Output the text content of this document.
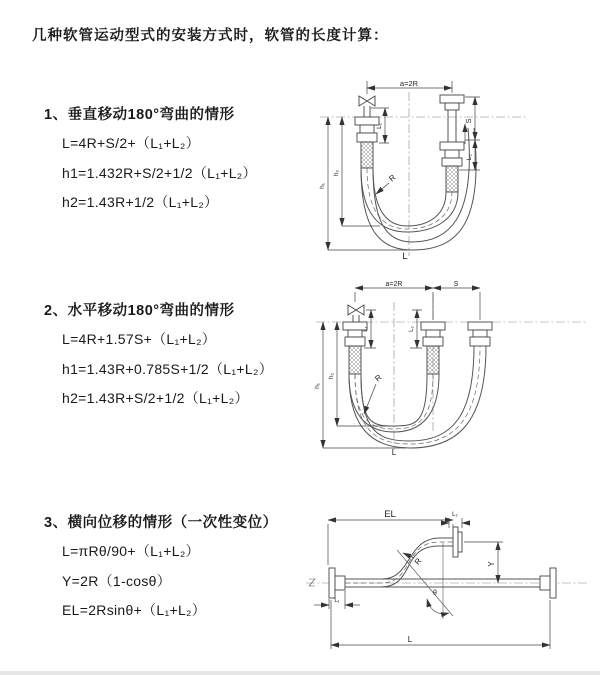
几种软管运动型式的安装方式时，软管的长度计算：
1、垂直移动180°弯曲的情形
L=4R+S/2+（L₁+L₂）
h1=1.432R+S/2+1/2（L₁+L₂）
h2=1.43R+1/2（L₁+L₂）
2、水平移动180°弯曲的情形
L=4R+1.57S+（L₁+L₂）
h1=1.43R+0.785S+1/2（L₁+L₂）
h2=1.43R+S/2+1/2（L₁+L₂）
3、横向位移的情形（一次性变位）
L=πRθ/90+（L₁+L₂）
Y=2R（1-cosθ）
EL=2Rsinθ+（L₁+L₂）
a=2R
S
L₂
L₁
h₁
h₂	R
L
a=2R	S
L₁	L₂
h₁
h₂	R
L
θ
EL	L₂
Y
R
L
L₁
